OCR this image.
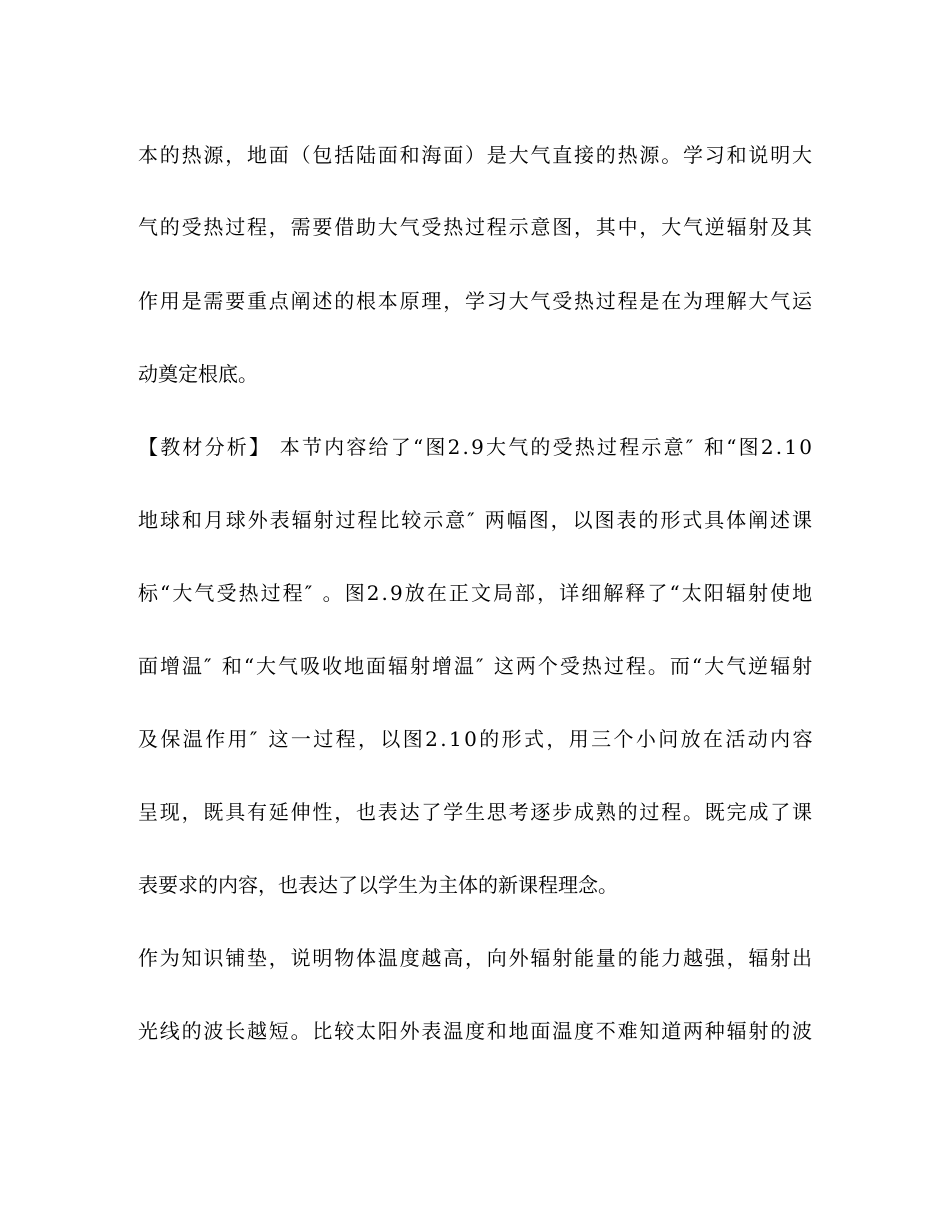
本的热源，地面（包括陆面和海面）是大气直接的热源。学习和说明大
气的受热过程，需要借助大气受热过程示意图，其中，大气逆辐射及其
作用是需要重点阐述的根本原理，学习大气受热过程是在为理解大气运
动奠定根底。
【教材分析】 本节内容给了“图2.9大气的受热过程示意″ 和“图2.10
地球和月球外表辐射过程比较示意″ 两幅图，以图表的形式具体阐述课
标“大气受热过程″ 。图2.9放在正文局部，详细解释了“太阳辐射使地
面增温″ 和“大气吸收地面辐射增温″ 这两个受热过程。而“大气逆辐射
及保温作用″ 这一过程，以图2.10的形式，用三个小问放在活动内容
呈现，既具有延伸性，也表达了学生思考逐步成熟的过程。既完成了课
表要求的内容，也表达了以学生为主体的新课程理念。
作为知识铺垫，说明物体温度越高，向外辐射能量的能力越强，辐射出
光线的波长越短。比较太阳外表温度和地面温度不难知道两种辐射的波
